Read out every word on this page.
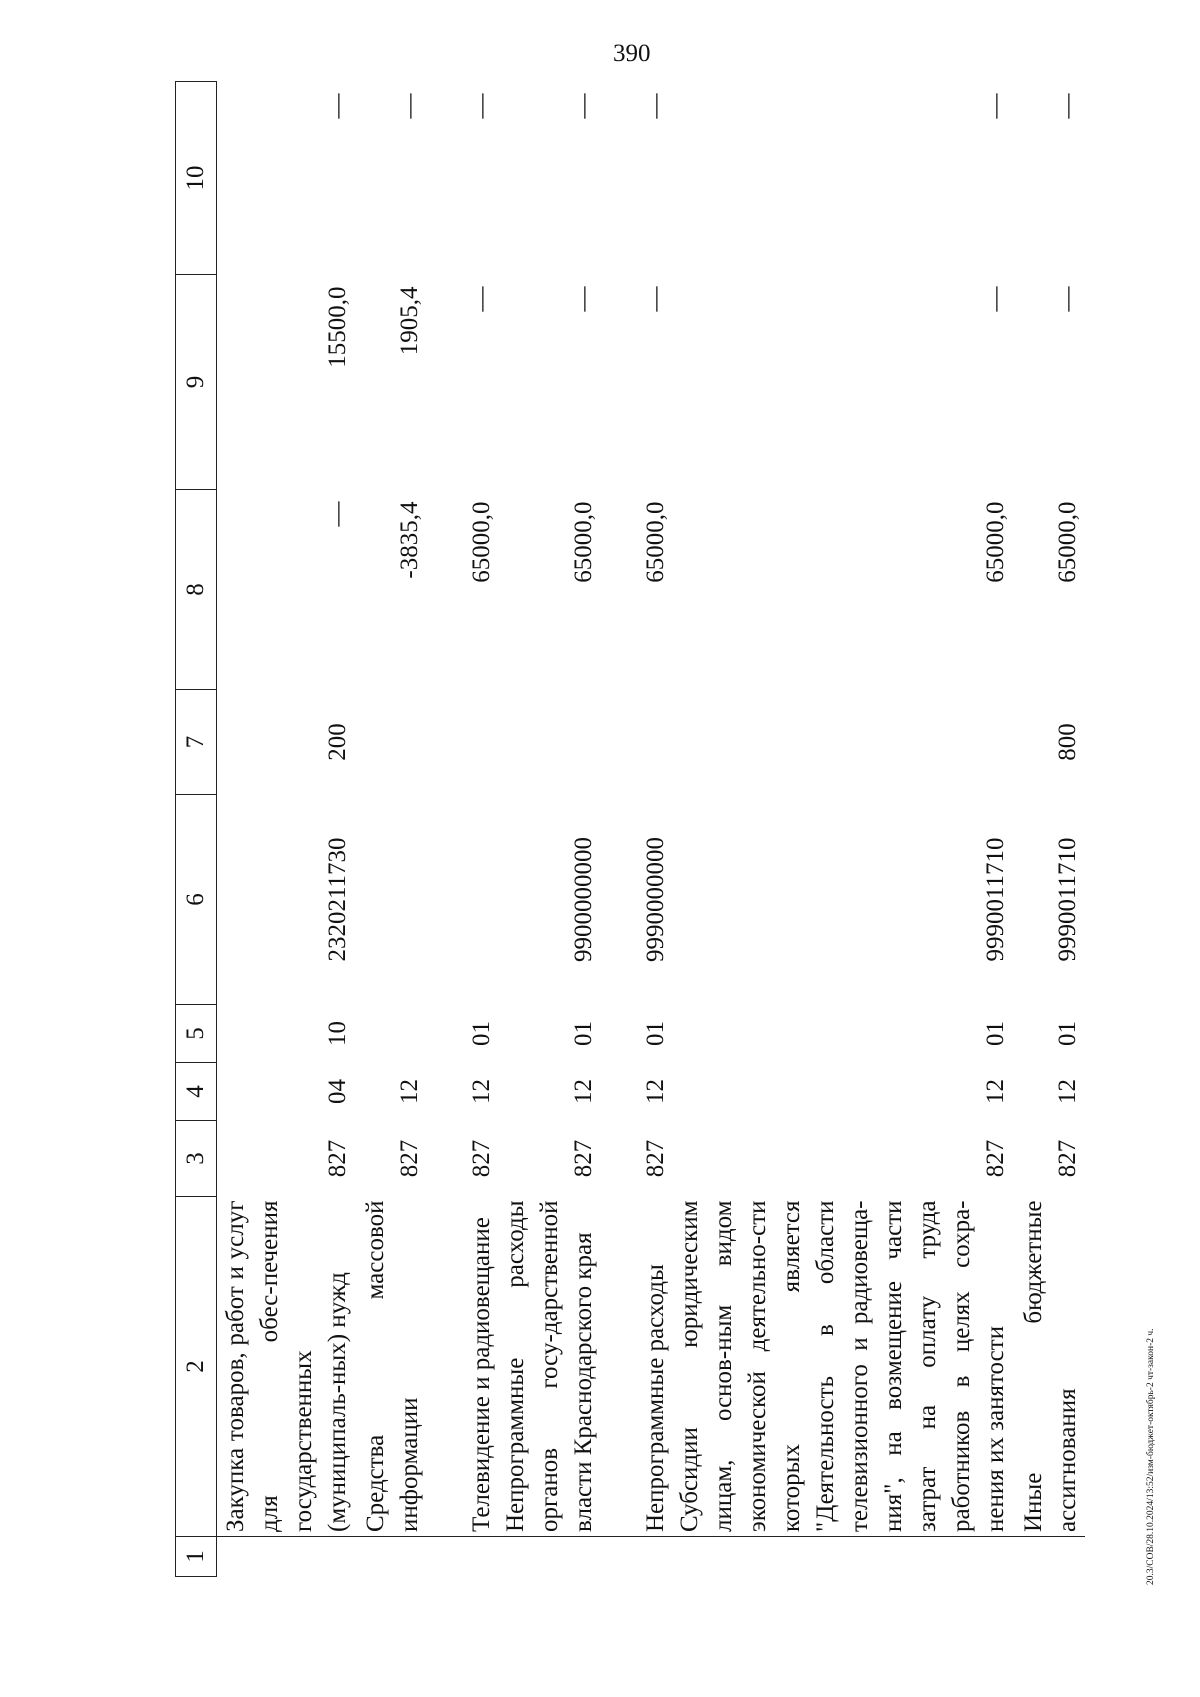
390
20.3/СОВ/28.10.2024/13:52/изм-бюджет-октябрь-2 чт-закон-2 ч.
1	2	3	4	5	6	7	8	9	10
	Закупка товаров, работ и услуг для обес-печения государственных (муниципаль-ных) нужд	827	04	10	2320211730	200	—	15500,0	—
	Средства массовой информации	827	12				-3835,4	1905,4	—
	Телевидение и радиовещание	827	12	01			65000,0	—	—
	Непрограммные расходы органов госу-дарственной власти Краснодарского края	827	12	01	9900000000		65000,0	—	—
	Непрограммные расходы	827	12	01	9990000000		65000,0	—	—
	Субсидии юридическим лицам, основ-ным видом экономической деятельно-сти которых является "Деятельность в области телевизионного и радиовеща-ния", на возмещение части затрат на оплату труда работников в целях сохра-нения их занятости	827	12	01	9990011710		65000,0	—	—
	Иные бюджетные ассигнования	827	12	01	9990011710	800	65000,0	—	—
